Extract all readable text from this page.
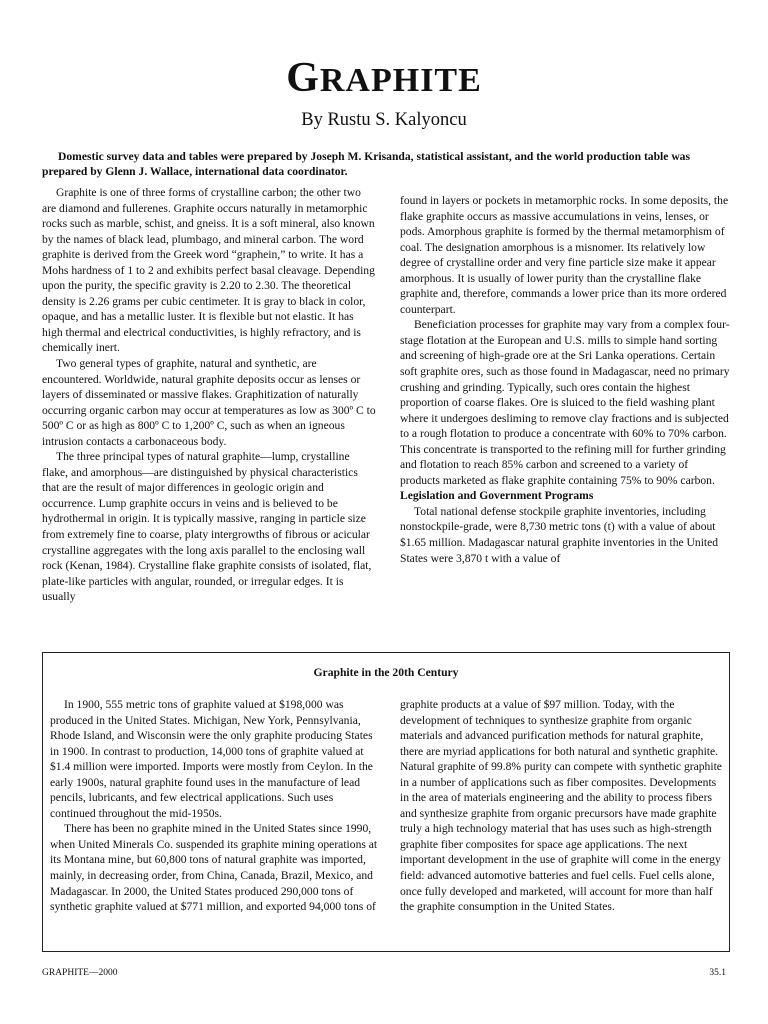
GRAPHITE
By Rustu S. Kalyoncu
Domestic survey data and tables were prepared by Joseph M. Krisanda, statistical assistant, and the world production table was prepared by Glenn J. Wallace, international data coordinator.

Graphite is one of three forms of crystalline carbon; the other two are diamond and fullerenes. Graphite occurs naturally in metamorphic rocks such as marble, schist, and gneiss. It is a soft mineral, also known by the names of black lead, plumbago, and mineral carbon. The word graphite is derived from the Greek word “graphein,” to write. It has a Mohs hardness of 1 to 2 and exhibits perfect basal cleavage. Depending upon the purity, the specific gravity is 2.20 to 2.30. The theoretical density is 2.26 grams per cubic centimeter. It is gray to black in color, opaque, and has a metallic luster. It is flexible but not elastic. It has high thermal and electrical conductivities, is highly refractory, and is chemically inert.

Two general types of graphite, natural and synthetic, are encountered. Worldwide, natural graphite deposits occur as lenses or layers of disseminated or massive flakes. Graphitization of naturally occurring organic carbon may occur at temperatures as low as 300º C to 500º C or as high as 800º C to 1,200º C, such as when an igneous intrusion contacts a carbonaceous body.

The three principal types of natural graphite—lump, crystalline flake, and amorphous—are distinguished by physical characteristics that are the result of major differences in geologic origin and occurrence. Lump graphite occurs in veins and is believed to be hydrothermal in origin. It is typically massive, ranging in particle size from extremely fine to coarse, platy intergrowths of fibrous or acicular crystalline aggregates with the long axis parallel to the enclosing wall rock (Kenan, 1984). Crystalline flake graphite consists of isolated, flat, plate-like particles with angular, rounded, or irregular edges. It is usually

found in layers or pockets in metamorphic rocks. In some deposits, the flake graphite occurs as massive accumulations in veins, lenses, or pods. Amorphous graphite is formed by the thermal metamorphism of coal. The designation amorphous is a misnomer. Its relatively low degree of crystalline order and very fine particle size make it appear amorphous. It is usually of lower purity than the crystalline flake graphite and, therefore, commands a lower price than its more ordered counterpart.

Beneficiation processes for graphite may vary from a complex four-stage flotation at the European and U.S. mills to simple hand sorting and screening of high-grade ore at the Sri Lanka operations. Certain soft graphite ores, such as those found in Madagascar, need no primary crushing and grinding. Typically, such ores contain the highest proportion of coarse flakes. Ore is sluiced to the field washing plant where it undergoes desliming to remove clay fractions and is subjected to a rough flotation to produce a concentrate with 60% to 70% carbon. This concentrate is transported to the refining mill for further grinding and flotation to reach 85% carbon and screened to a variety of products marketed as flake graphite containing 75% to 90% carbon.

Legislation and Government Programs

Total national defense stockpile graphite inventories, including nonstockpile-grade, were 8,730 metric tons (t) with a value of about $1.65 million. Madagascar natural graphite inventories in the United States were 3,870 t with a value of

Graphite in the 20th Century

In 1900, 555 metric tons of graphite valued at $198,000 was produced in the United States. Michigan, New York, Pennsylvania, Rhode Island, and Wisconsin were the only graphite producing States in 1900. In contrast to production, 14,000 tons of graphite valued at $1.4 million were imported. Imports were mostly from Ceylon. In the early 1900s, natural graphite found uses in the manufacture of lead pencils, lubricants, and few electrical applications. Such uses continued throughout the mid-1950s.

There has been no graphite mined in the United States since 1990, when United Minerals Co. suspended its graphite mining operations at its Montana mine, but 60,800 tons of natural graphite was imported, mainly, in decreasing order, from China, Canada, Brazil, Mexico, and Madagascar. In 2000, the United States produced 290,000 tons of synthetic graphite valued at $771 million, and exported 94,000 tons of

graphite products at a value of $97 million. Today, with the development of techniques to synthesize graphite from organic materials and advanced purification methods for natural graphite, there are myriad applications for both natural and synthetic graphite. Natural graphite of 99.8% purity can compete with synthetic graphite in a number of applications such as fiber composites. Developments in the area of materials engineering and the ability to process fibers and synthesize graphite from organic precursors have made graphite truly a high technology material that has uses such as high-strength graphite fiber composites for space age applications. The next important development in the use of graphite will come in the energy field: advanced automotive batteries and fuel cells. Fuel cells alone, once fully developed and marketed, will account for more than half the graphite consumption in the United States.

GRAPHITE—2000	35.1
